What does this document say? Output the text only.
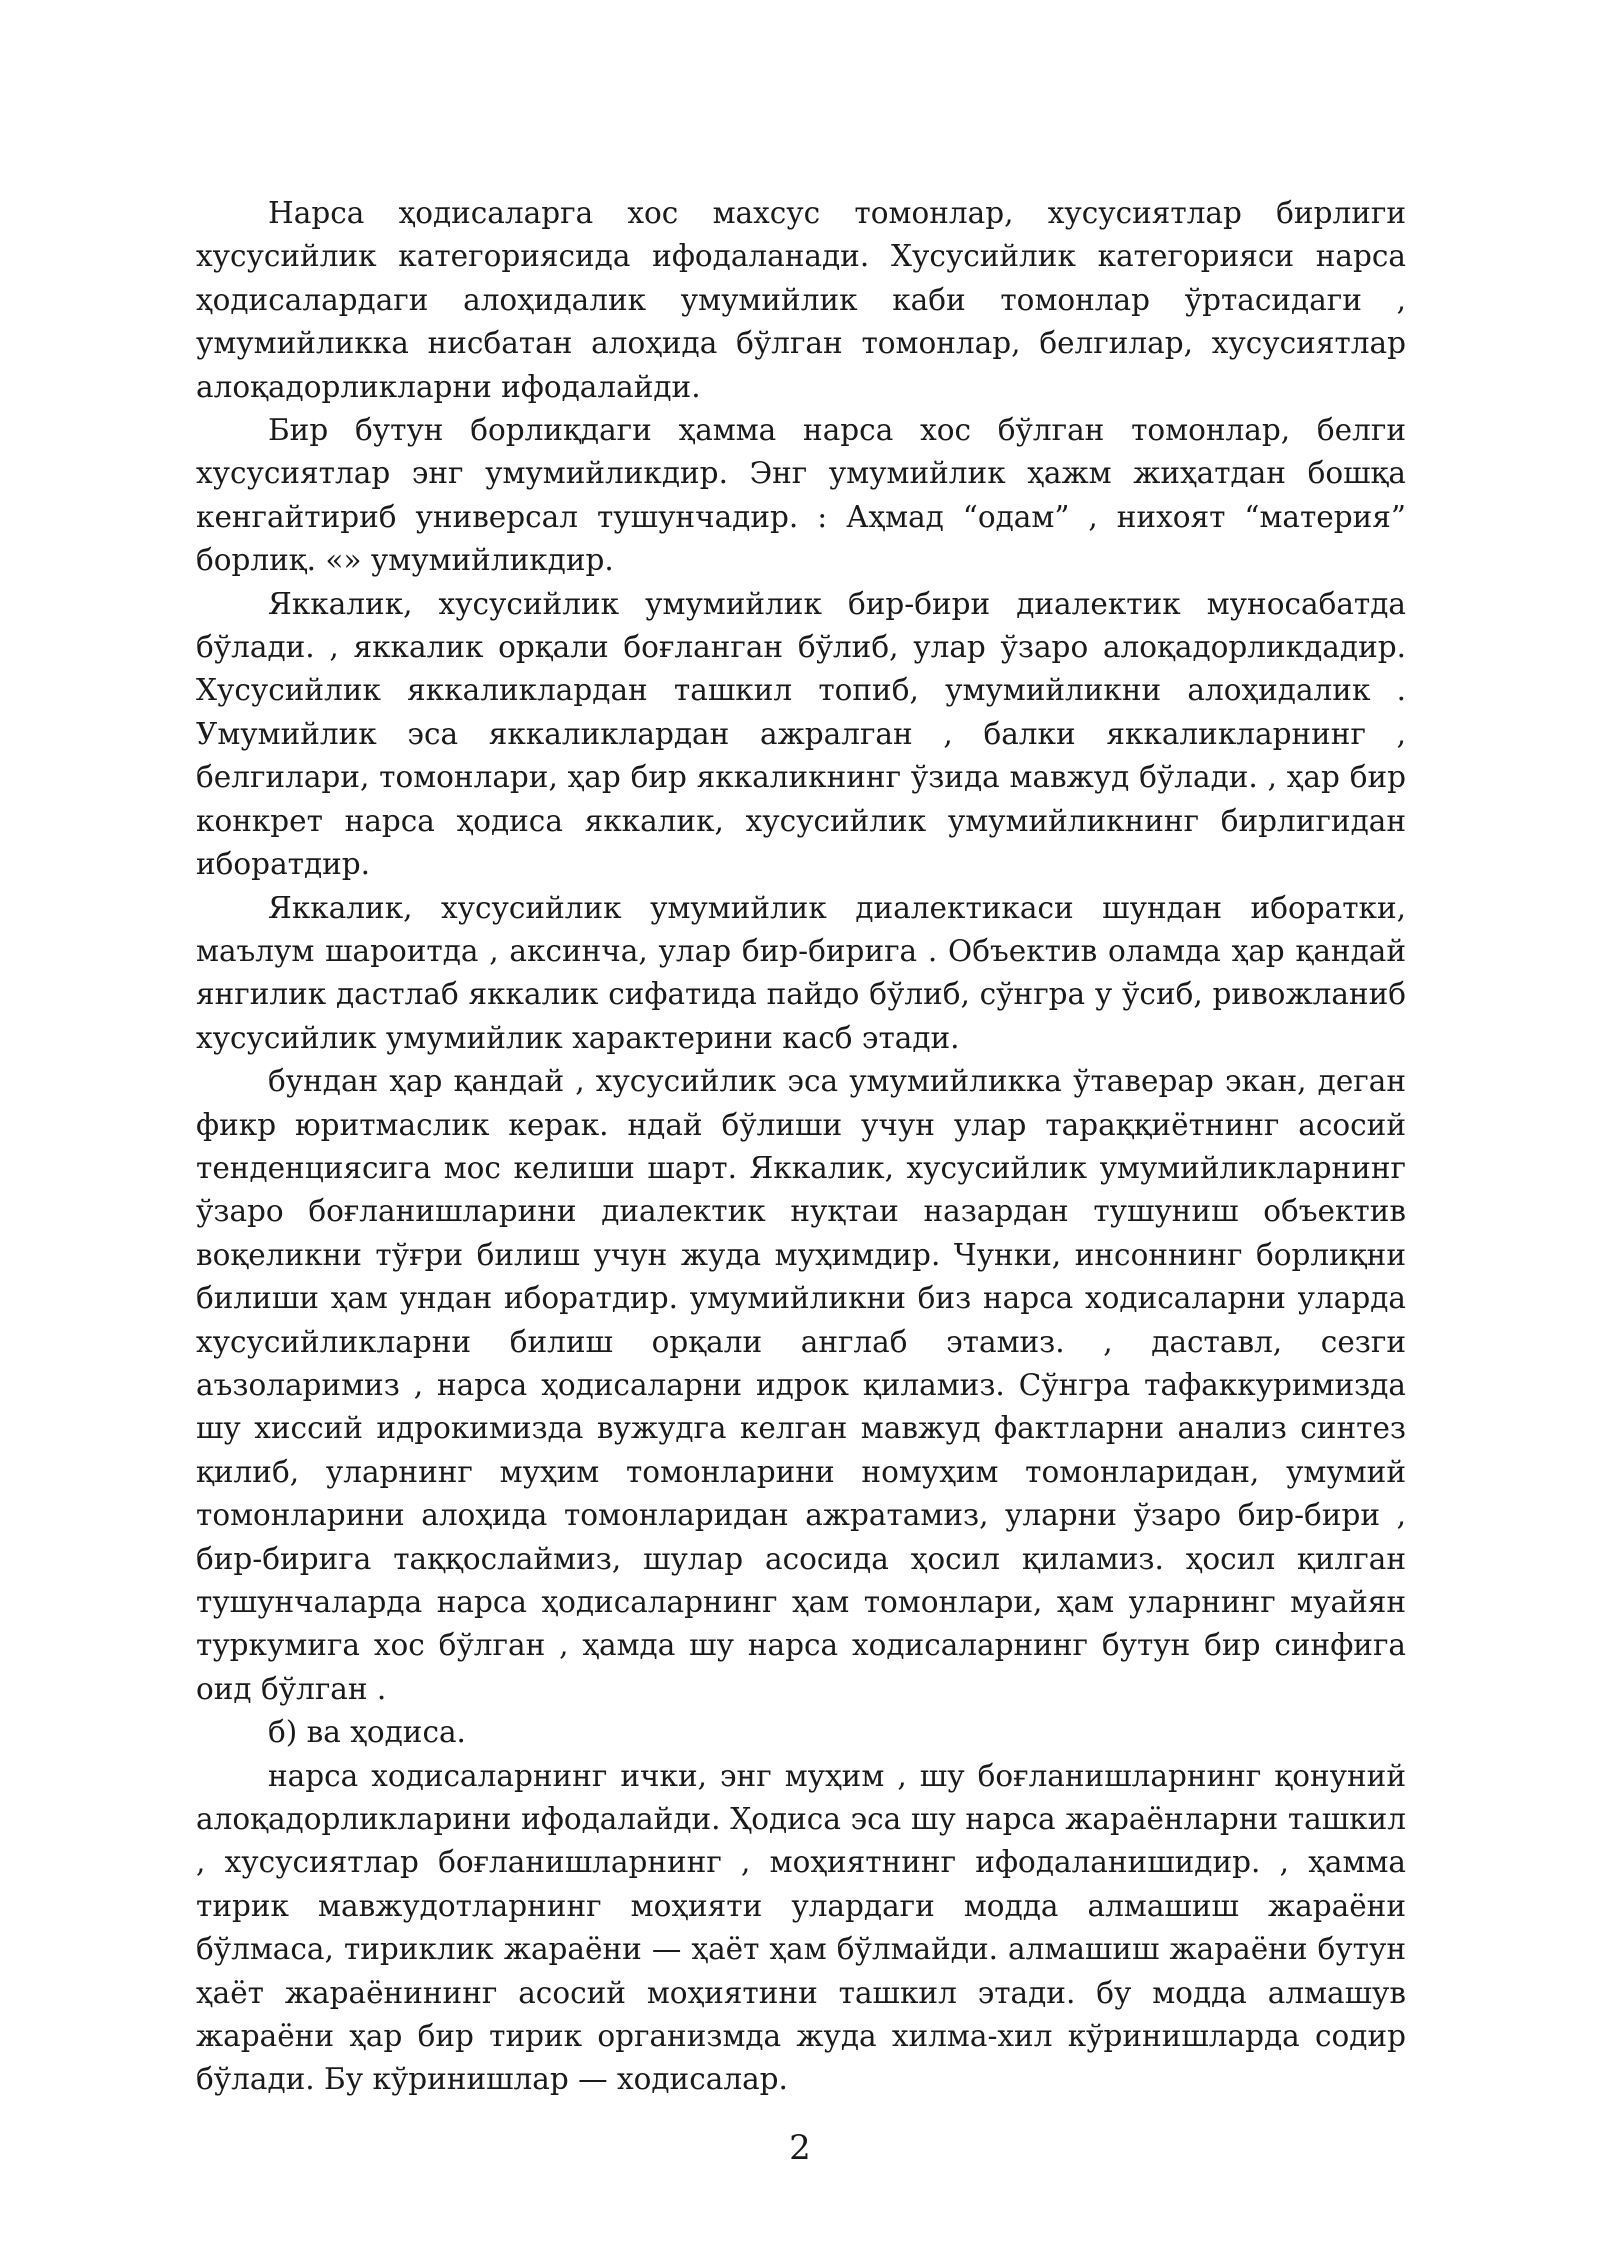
Нарса ҳодисаларга хос махсус томонлар, хусусиятлар бирлиги хусусийлик категориясида ифодаланади. Хусусийлик категорияси нарса ҳодисалардаги алоҳидалик умумийлик каби томонлар ўртасидаги , умумийликка нисбатан алоҳида бўлган томонлар, белгилар, хусусиятлар алоқадорликларни ифодалайди.

Бир бутун борлиқдаги ҳамма нарса хос бўлган томонлар, белги хусусиятлар энг умумийликдир. Энг умумийлик ҳажм жиҳатдан бошқа кенгайтириб универсал тушунчадир. : Аҳмад “одам” , нихоят “материя” борлиқ. «» умумийликдир.

Яккалик, хусусийлик умумийлик бир-бири диалектик муносабатда бўлади. , яккалик орқали боғланган бўлиб, улар ўзаро алоқадорликдадир. Хусусийлик яккаликлардан ташкил топиб, умумийликни алоҳидалик . Умумийлик эса яккаликлардан ажралган , балки яккаликларнинг , белгилари, томонлари, ҳар бир яккаликнинг ўзида мавжуд бўлади. , ҳар бир конкрет нарса ҳодиса яккалик, хусусийлик умумийликнинг бирлигидан иборатдир.

Яккалик, хусусийлик умумийлик диалектикаси шундан иборатки, маълум шароитда , аксинча, улар бир-бирига . Объектив оламда ҳар қандай янгилик дастлаб яккалик сифатида пайдо бўлиб, сўнгра у ўсиб, ривожланиб хусусийлик умумийлик характерини касб этади.

бундан ҳар қандай , хусусийлик эса умумийликка ўтаверар экан, деган фикр юритмаслик керак. ндай бўлиши учун улар тараққиётнинг асосий тенденциясига мос келиши шарт. Яккалик, хусусийлик умумийликларнинг ўзаро боғланишларини диалектик нуқтаи назардан тушуниш объектив воқеликни тўғри билиш учун жуда муҳимдир. Чунки, инсоннинг борлиқни билиши ҳам ундан иборатдир. умумийликни биз нарса ходисаларни уларда хусусийликларни билиш орқали англаб этамиз. , даставл, сезги аъзоларимиз , нарса ҳодисаларни идрок қиламиз. Сўнгра тафаккуримизда шу хиссий идрокимизда вужудга келган мавжуд фактларни анализ синтез қилиб, уларнинг муҳим томонларини номуҳим томонларидан, умумий томонларини алоҳида томонларидан ажратамиз, уларни ўзаро бир-бири , бир-бирига таққослаймиз, шулар асосида ҳосил қиламиз. ҳосил қилган тушунчаларда нарса ҳодисаларнинг ҳам томонлари, ҳам уларнинг муайян туркумига хос бўлган , ҳамда шу нарса ходисаларнинг бутун бир синфига оид бўлган .

б) ва ҳодиса.

нарса ходисаларнинг ички, энг муҳим , шу боғланишларнинг қонуний алоқадорликларини ифодалайди. Ҳодиса эса шу нарса жараёнларни ташкил , хусусиятлар боғланишларнинг , моҳиятнинг ифодаланишидир. , ҳамма тирик мавжудотларнинг моҳияти улардаги модда алмашиш жараёни бўлмаса, тириклик жараёни — ҳаёт ҳам бўлмайди. алмашиш жараёни бутун ҳаёт жараёнининг асосий моҳиятини ташкил этади. бу модда алмашув жараёни ҳар бир тирик организмда жуда хилма-хил кўринишларда содир бўлади. Бу кўринишлар — ходисалар.

2
